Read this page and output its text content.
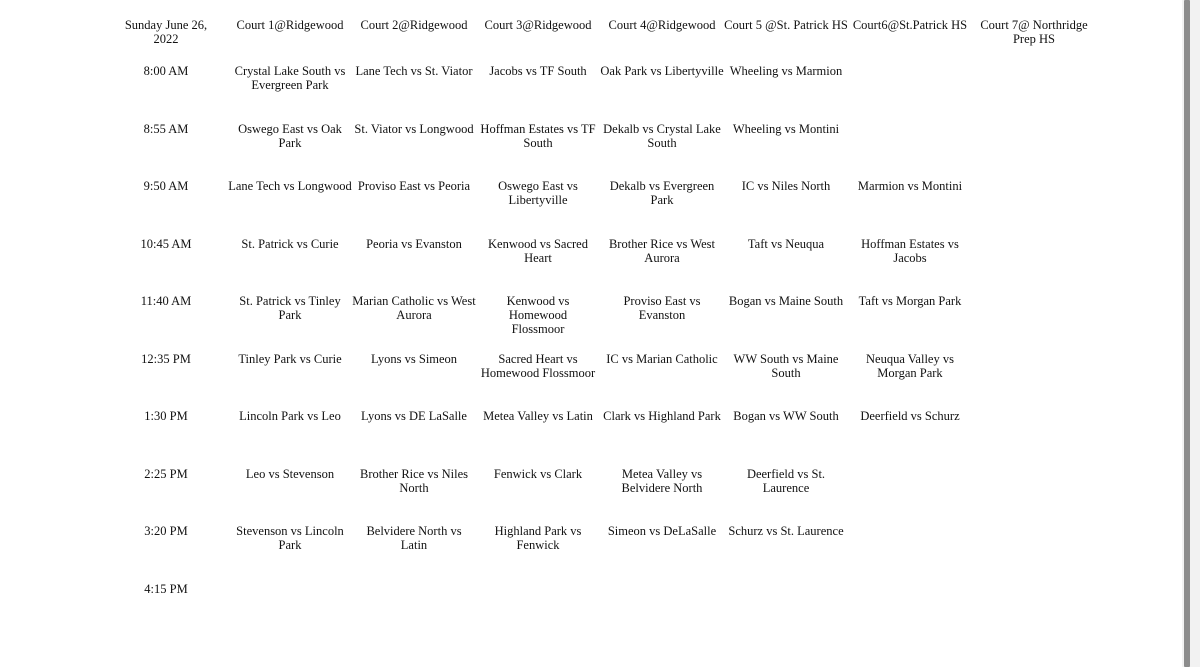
Sunday June 26,
2022	Court 1@Ridgewood	Court 2@Ridgewood	Court 3@Ridgewood	Court 4@Ridgewood	Court 5 @St. Patrick HS	Court6@St.Patrick HS	Court 7@ Northridge
Prep HS
8:00 AM	Crystal Lake South vs
Evergreen Park	Lane Tech vs St. Viator	Jacobs vs TF South	Oak Park vs Libertyville	Wheeling vs Marmion		
8:55 AM	Oswego East vs Oak
Park	St. Viator vs Longwood	Hoffman Estates vs TF
South	Dekalb vs Crystal Lake
South	Wheeling vs Montini		
9:50 AM	Lane Tech vs Longwood	Proviso East vs Peoria	Oswego East vs
Libertyville	Dekalb vs Evergreen
Park	IC vs Niles North	Marmion vs Montini	
10:45 AM	St. Patrick vs Curie	Peoria vs Evanston	Kenwood vs Sacred
Heart	Brother Rice vs West
Aurora	Taft vs Neuqua	Hoffman Estates vs
Jacobs	
11:40 AM	St. Patrick vs Tinley
Park	Marian Catholic vs West
Aurora	Kenwood vs Homewood
Flossmoor	Proviso East vs
Evanston	Bogan vs Maine South	Taft vs Morgan Park	
12:35 PM	Tinley Park vs Curie	Lyons vs Simeon	Sacred Heart vs
Homewood Flossmoor	IC vs Marian Catholic	WW South vs Maine
South	Neuqua Valley vs
Morgan Park	
1:30 PM	Lincoln Park vs Leo	Lyons vs DE LaSalle	Metea Valley vs Latin	Clark vs Highland Park	Bogan vs WW South	Deerfield vs Schurz	
2:25 PM	Leo vs Stevenson	Brother Rice vs Niles
North	Fenwick vs Clark	Metea Valley vs
Belvidere North	Deerfield vs St.
Laurence		
3:20 PM	Stevenson vs Lincoln
Park	Belvidere North vs
Latin	Highland Park vs
Fenwick	Simeon vs DeLaSalle	Schurz vs St. Laurence		
4:15 PM							
